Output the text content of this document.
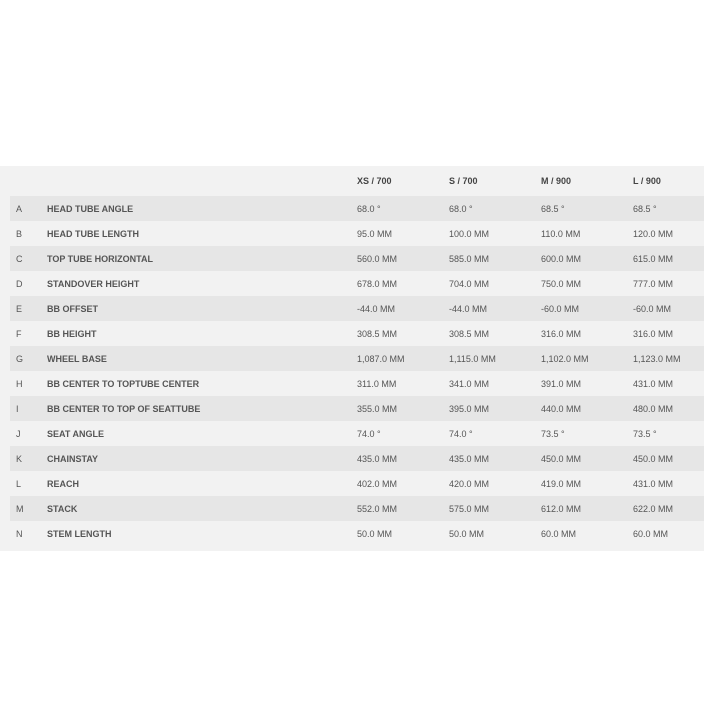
		XS / 700	S / 700	M / 900	L / 900
A	HEAD TUBE ANGLE	68.0 °	68.0 °	68.5 °	68.5 °
B	HEAD TUBE LENGTH	95.0 MM	100.0 MM	110.0 MM	120.0 MM
C	TOP TUBE HORIZONTAL	560.0 MM	585.0 MM	600.0 MM	615.0 MM
D	STANDOVER HEIGHT	678.0 MM	704.0 MM	750.0 MM	777.0 MM
E	BB OFFSET	-44.0 MM	-44.0 MM	-60.0 MM	-60.0 MM
F	BB HEIGHT	308.5 MM	308.5 MM	316.0 MM	316.0 MM
G	WHEEL BASE	1,087.0 MM	1,115.0 MM	1,102.0 MM	1,123.0 MM
H	BB CENTER TO TOPTUBE CENTER	311.0 MM	341.0 MM	391.0 MM	431.0 MM
I	BB CENTER TO TOP OF SEATTUBE	355.0 MM	395.0 MM	440.0 MM	480.0 MM
J	SEAT ANGLE	74.0 °	74.0 °	73.5 °	73.5 °
K	CHAINSTAY	435.0 MM	435.0 MM	450.0 MM	450.0 MM
L	REACH	402.0 MM	420.0 MM	419.0 MM	431.0 MM
M	STACK	552.0 MM	575.0 MM	612.0 MM	622.0 MM
N	STEM LENGTH	50.0 MM	50.0 MM	60.0 MM	60.0 MM
